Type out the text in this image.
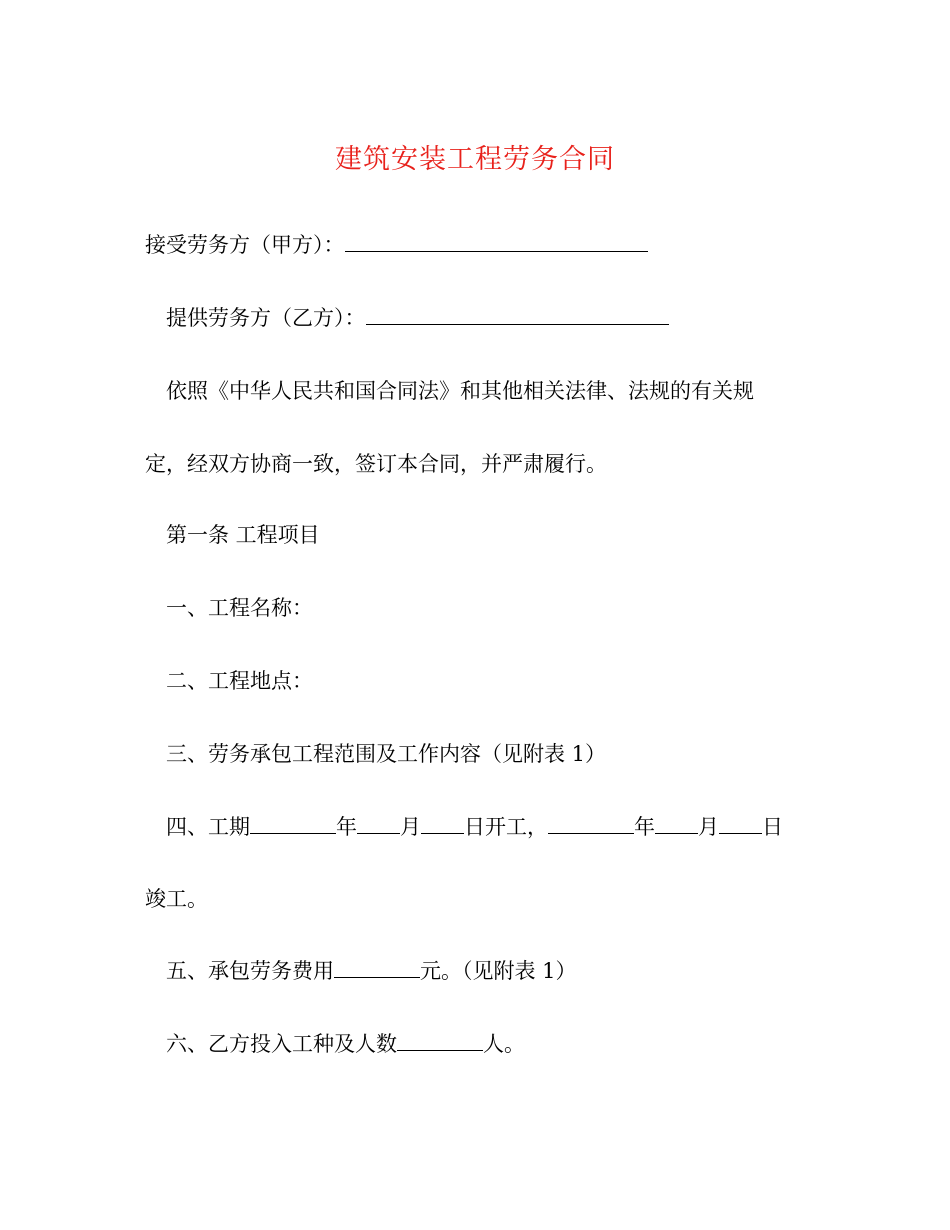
建筑安装工程劳务合同
接受劳务方（甲方）：
提供劳务方（乙方）：
依照《中华人民共和国合同法》和其他相关法律、法规的有关规
定，经双方协商一致，签订本合同，并严肃履行。
第一条 工程项目
一、工程名称：
二、工程地点：
三、劳务承包工程范围及工作内容（见附表 1）
四、工期	年 月 日开工，	年 月 日
竣工。
五、承包劳务费用	元。（见附表 1）
六、乙方投入工种及人数	人。
